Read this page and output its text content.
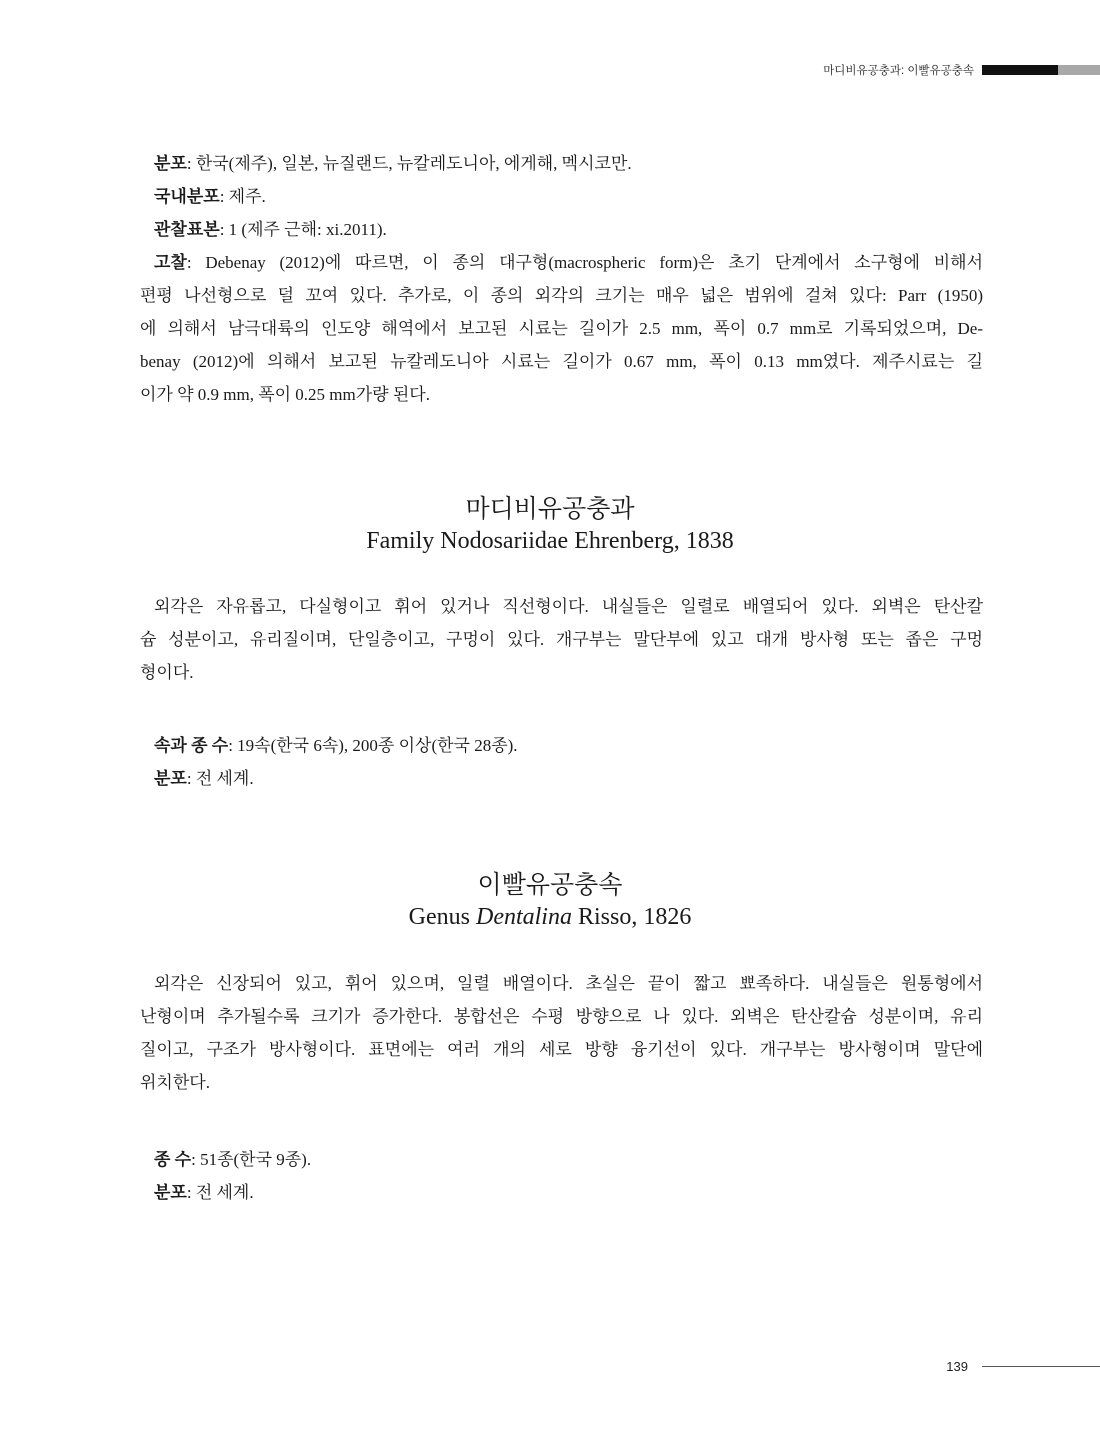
마디비유공충과: 이빨유공충속

분포: 한국(제주), 일본, 뉴질랜드, 뉴칼레도니아, 에게해, 멕시코만.

국내분포: 제주.

관찰표본: 1 (제주 근해: xi.2011).

고찰: Debenay (2012)에 따르면, 이 종의 대구형(macrospheric form)은 초기 단계에서 소구형에 비해서

편평 나선형으로 덜 꼬여 있다. 추가로, 이 종의 외각의 크기는 매우 넓은 범위에 걸쳐 있다: Parr (1950)

에 의해서 남극대륙의 인도양 해역에서 보고된 시료는 길이가 2.5 mm, 폭이 0.7 mm로 기록되었으며, De-

benay (2012)에 의해서 보고된 뉴칼레도니아 시료는 길이가 0.67 mm, 폭이 0.13 mm였다. 제주시료는 길

이가 약 0.9 mm, 폭이 0.25 mm가량 된다.

마디비유공충과
Family Nodosariidae Ehrenberg, 1838

외각은 자유롭고, 다실형이고 휘어 있거나 직선형이다. 내실들은 일렬로 배열되어 있다. 외벽은 탄산칼

슘 성분이고, 유리질이며, 단일층이고, 구멍이 있다. 개구부는 말단부에 있고 대개 방사형 또는 좁은 구멍

형이다.

속과 종 수: 19속(한국 6속), 200종 이상(한국 28종).

분포: 전 세계.

이빨유공충속
Genus Dentalina Risso, 1826

외각은 신장되어 있고, 휘어 있으며, 일렬 배열이다. 초실은 끝이 짧고 뾰족하다. 내실들은 원통형에서

난형이며 추가될수록 크기가 증가한다. 봉합선은 수평 방향으로 나 있다. 외벽은 탄산칼슘 성분이며, 유리

질이고, 구조가 방사형이다. 표면에는 여러 개의 세로 방향 융기선이 있다. 개구부는 방사형이며 말단에

위치한다.

종 수: 51종(한국 9종).

분포: 전 세계.

139
